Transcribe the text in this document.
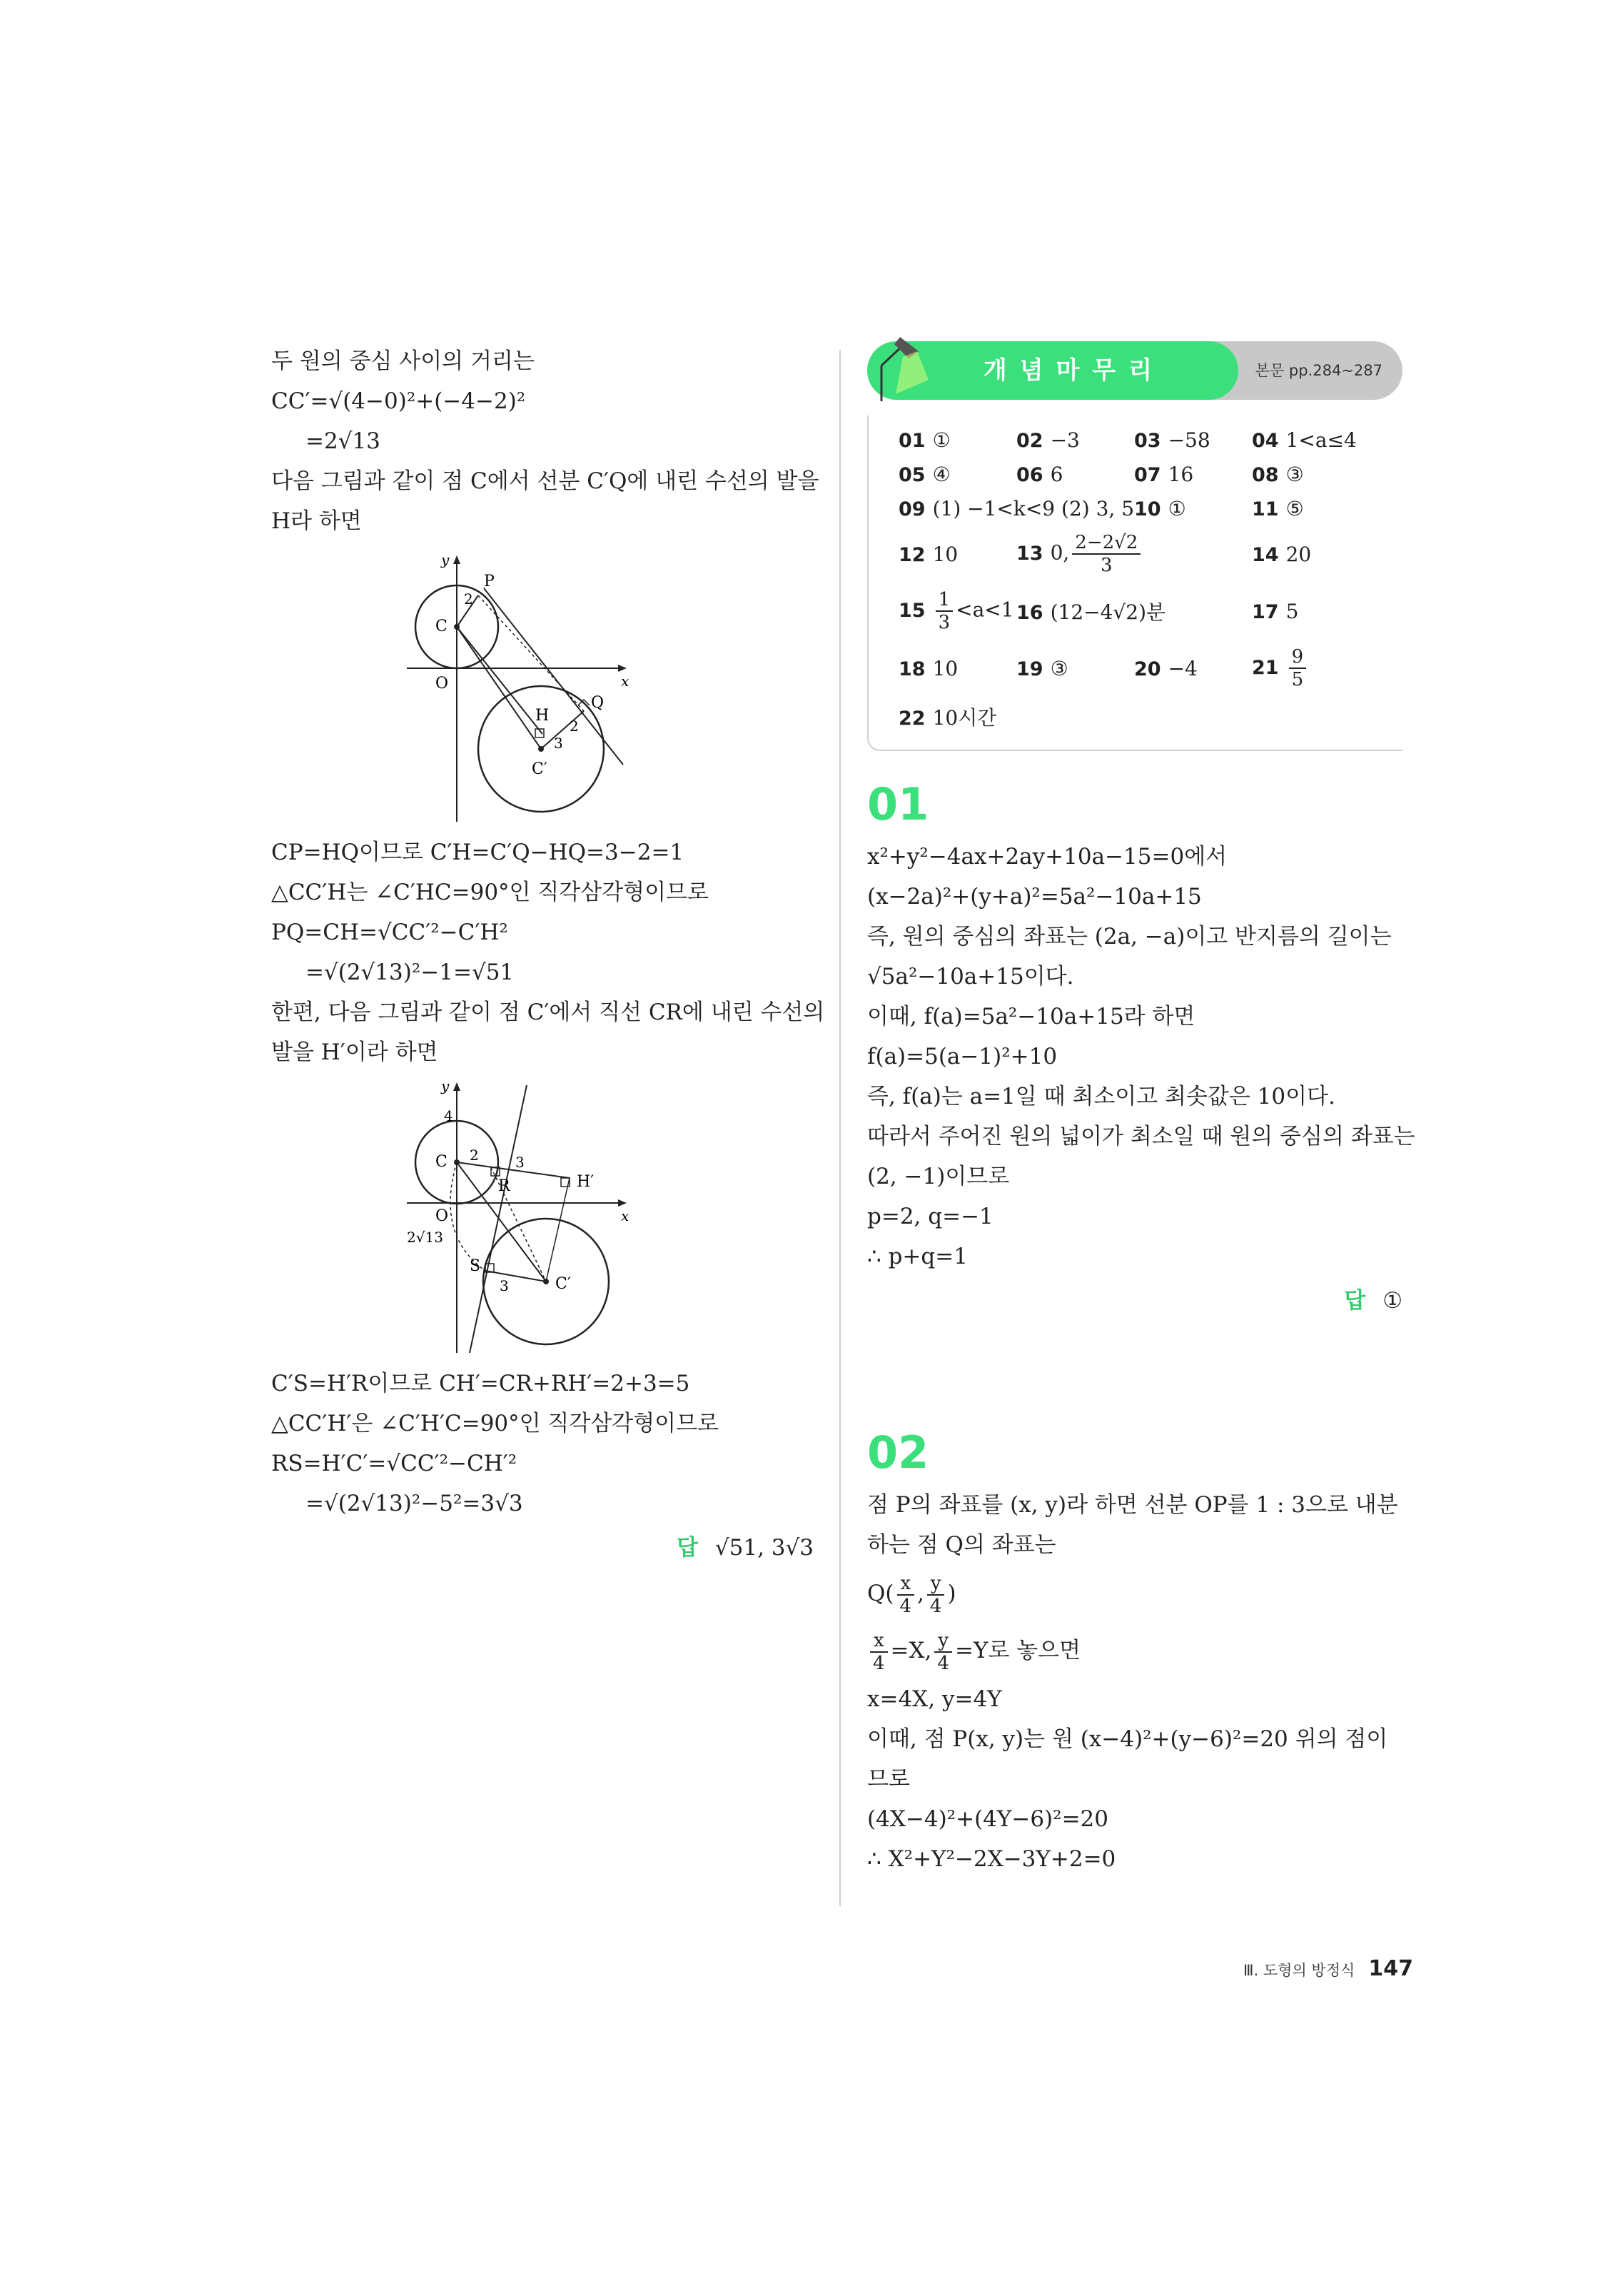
두 원의 중심 사이의 거리는
CC′=√(4−0)²+(−4−2)²
=2√13
다음 그림과 같이 점 C에서 선분 C′Q에 내린 수선의 발을
H라 하면
y
x
O
C
P
2
Q
H
2
3
C′
CP=HQ이므로 C′H=C′Q−HQ=3−2=1
△CC′H는 ∠C′HC=90°인 직각삼각형이므로
PQ=CH=√CC′²−C′H²
=√(2√13)²−1=√51
한편, 다음 그림과 같이 점 C′에서 직선 CR에 내린 수선의
발을 H′이라 하면
y
x
4
O
C 2	3
R	H′
2√13
S
3	C′
C′S=H′R이므로 CH′=CR+RH′=2+3=5
△CC′H′은 ∠C′H′C=90°인 직각삼각형이므로
RS=H′C′=√CC′²−CH′²
=√(2√13)²−5²=3√3
답 √51, 3√3
본문 pp.284~287
개념마무리
01 ①	02 −3	03 −58	04 1<a≤4
05 ④	06 6	07 16	08 ③
09 (1) −1<k<9 (2) 3, 5 10 ①	11 ⑤
12 10	13 0, $\frac{2-2√2}{3}$	14 20
$15 \frac{1}{3} <a<1$ 16 (12−4√2)분	17 5
18 10	19 ③	20 −4	$21 \frac{9}{5}$
22 10시간
01
x²+y²−4ax+2ay+10a−15=0에서
(x−2a)²+(y+a)²=5a²−10a+15
즉, 원의 중심의 좌표는 (2a, −a)이고 반지름의 길이는
√5a²−10a+15이다.
이때, f(a)=5a²−10a+15라 하면
f(a)=5(a−1)²+10
즉, f(a)는 a=1일 때 최소이고 최솟값은 10이다.
따라서 주어진 원의 넓이가 최소일 때 원의 중심의 좌표는
(2, −1)이므로
p=2, q=−1
∴ p+q=1
답 ①
02
점 P의 좌표를 (x, y)라 하면 선분 OP를 1 : 3으로 내분
하는 점 Q의 좌표는
$Q( \frac{x}{4}$ , $\frac{y}{4}$ )
$\frac{x}{4} =X$, $\frac{y}{4} =Y$로 놓으면
x=4X, y=4Y
이때, 점 P(x, y)는 원 (x−4)²+(y−6)²=20 위의 점이
므로
(4X−4)²+(4Y−6)²=20
∴ X²+Y²−2X−3Y+2=0
Ⅲ. 도형의 방정식 147
